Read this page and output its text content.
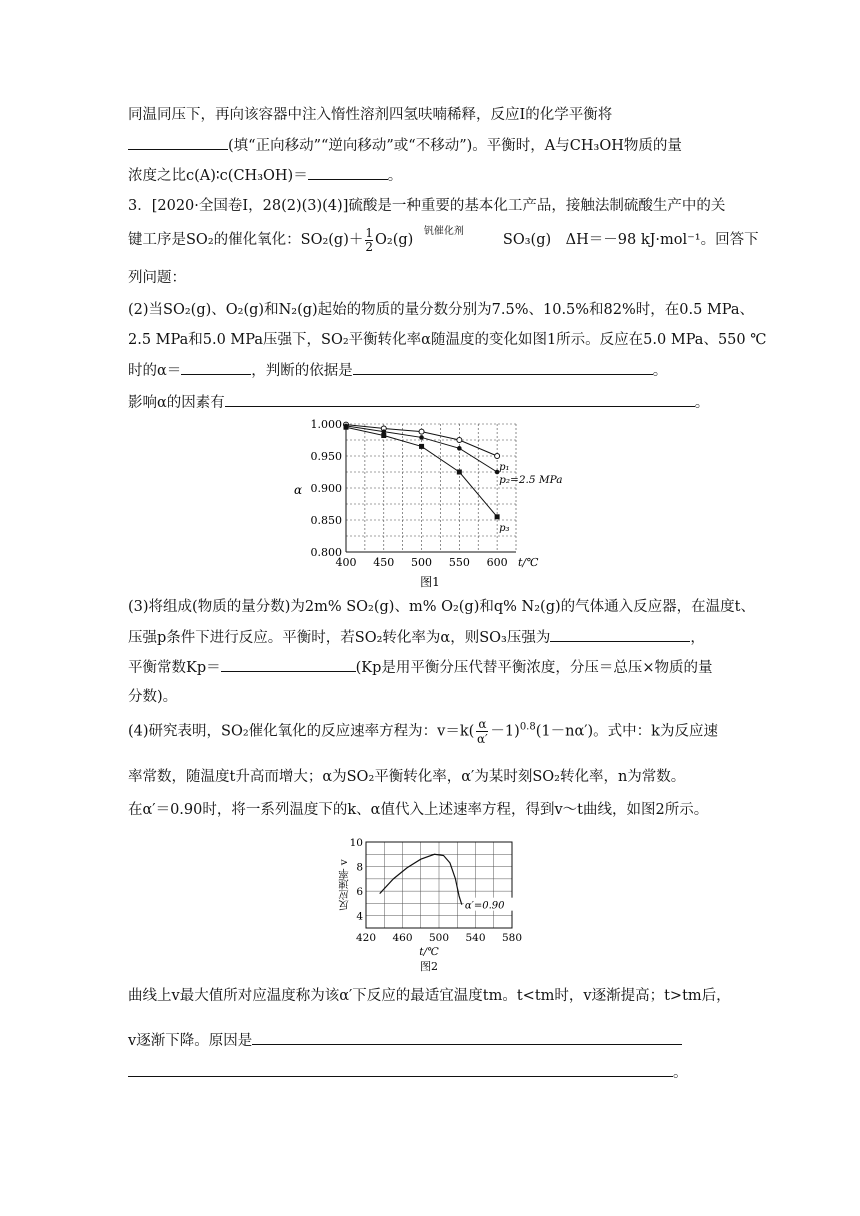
同温同压下，再向该容器中注入惰性溶剂四氢呋喃稀释，反应Ⅰ的化学平衡将
(填“正向移动”“逆向移动”或“不移动”)。平衡时，A与CH₃OH物质的量
浓度之比c(A)∶c(CH₃OH)＝	。
3．[2020·全国卷Ⅰ，28(2)(3)(4)]硫酸是一种重要的基本化工产品，接触法制硫酸生产中的关
键工序是SO₂的催化氧化：$SO_2(g)+ \frac{1}{2} O_2(g)$
钒催化剂
SO₃(g)　ΔH＝－98 kJ·mol⁻¹。回答下
列问题：
(2)当SO₂(g)、O₂(g)和N₂(g)起始的物质的量分数分别为7.5%、10.5%和82%时，在0.5 MPa、
2.5 MPa和5.0 MPa压强下，SO₂平衡转化率α随温度的变化如图1所示。反应在5.0 MPa、550 ℃
时的α＝	，判断的依据是	。
影响α的因素有	。
400 450 500 550 600
1.000
0.950
0.900
0.850
0.800
t/℃
α
p₁
p₂=2.5 MPa
p₃
图1
(3)将组成(物质的量分数)为2m% SO₂(g)、m% O₂(g)和q% N₂(g)的气体通入反应器，在温度t、
压强p条件下进行反应。平衡时，若SO₂转化率为α，则SO₃压强为	，
平衡常数Kp＝	(Kp是用平衡分压代替平衡浓度，分压＝总压×物质的量
分数)。
(4)研究表明，SO₂催化氧化的反应速率方程为：$v=k( \frac{\alpha}{\alpha'} -1)^{0.8}(1-n\alpha')$。式中：k为反应速
率常数，随温度t升高而增大；α为SO₂平衡转化率，α′为某时刻SO₂转化率，n为常数。
在α′＝0.90时，将一系列温度下的k、α值代入上述速率方程，得到v～t曲线，如图2所示。
420 460 500 540 580
10
8
6
4
t/℃
反应速率 v	α′=0.90
图2
曲线上v最大值所对应温度称为该α′下反应的最适宜温度tm。t<tm时，v逐渐提高；t>tm后，
v逐渐下降。原因是
。
